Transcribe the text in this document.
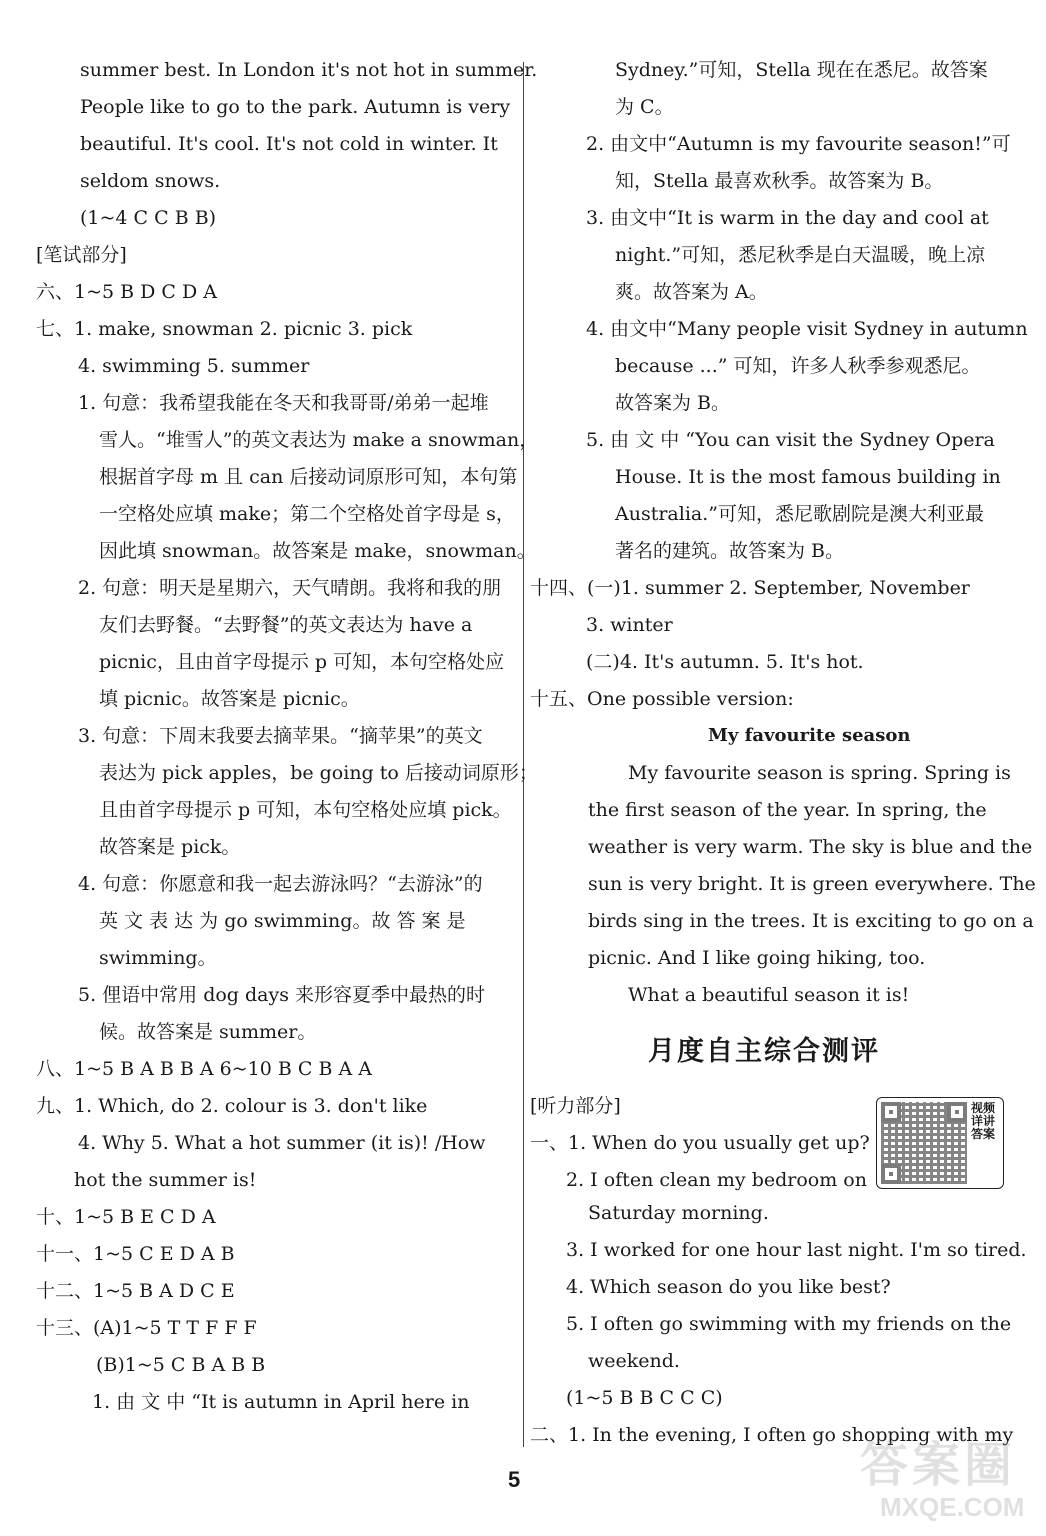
summer best. In London it's not hot in summer.
People like to go to the park. Autumn is very
beautiful. It's cool. It's not cold in winter. It
seldom snows.
(1~4 C C B B)
[笔试部分]
六、1~5 B D C D A
七、1. make, snowman 2. picnic 3. pick
4. swimming 5. summer
1. 句意：我希望我能在冬天和我哥哥/弟弟一起堆
雪人。“堆雪人”的英文表达为 make a snowman，
根据首字母 m 且 can 后接动词原形可知，本句第
一空格处应填 make；第二个空格处首字母是 s，
因此填 snowman。故答案是 make，snowman。
2. 句意：明天是星期六，天气晴朗。我将和我的朋
友们去野餐。“去野餐”的英文表达为 have a
picnic，且由首字母提示 p 可知，本句空格处应
填 picnic。故答案是 picnic。
3. 句意：下周末我要去摘苹果。“摘苹果”的英文
表达为 pick apples，be going to 后接动词原形；
且由首字母提示 p 可知，本句空格处应填 pick。
故答案是 pick。
4. 句意：你愿意和我一起去游泳吗？“去游泳”的
英 文 表 达 为 go swimming。故 答 案 是
swimming。
5. 俚语中常用 dog days 来形容夏季中最热的时
候。故答案是 summer。
八、1~5 B A B B A 6~10 B C B A A
九、1. Which, do 2. colour is 3. don't like
4. Why 5. What a hot summer (it is)! /How
hot the summer is!
十、1~5 B E C D A
十一、1~5 C E D A B
十二、1~5 B A D C E
十三、(A)1~5 T T F F F
(B)1~5 C B A B B
1. 由 文 中 “It is autumn in April here in
My favourite season
月度自主综合测评
Sydney.”可知，Stella 现在在悉尼。故答案
为 C。
2. 由文中“Autumn is my favourite season!”可
知，Stella 最喜欢秋季。故答案为 B。
3. 由文中“It is warm in the day and cool at
night.”可知，悉尼秋季是白天温暖，晚上凉
爽。故答案为 A。
4. 由文中“Many people visit Sydney in autumn
because ...” 可知，许多人秋季参观悉尼。
故答案为 B。
5. 由 文 中 “You can visit the Sydney Opera
House. It is the most famous building in
Australia.”可知，悉尼歌剧院是澳大利亚最
著名的建筑。故答案为 B。
十四、(一)1. summer 2. September, November
3. winter
(二)4. It's autumn. 5. It's hot.
十五、One possible version:
My favourite season is spring. Spring is
the first season of the year. In spring, the
weather is very warm. The sky is blue and the
sun is very bright. It is green everywhere. The
birds sing in the trees. It is exciting to go on a
picnic. And I like going hiking, too.
What a beautiful season it is!
[听力部分]
一、1. When do you usually get up?
2. I often clean my bedroom on
Saturday morning.
3. I worked for one hour last night. I'm so tired.
4. Which season do you like best?
5. I often go swimming with my friends on the
weekend.
(1~5 B B C C C)
二、1. In the evening, I often go shopping with my
视频详讲答案
5	答案圈
MXQE.COM
